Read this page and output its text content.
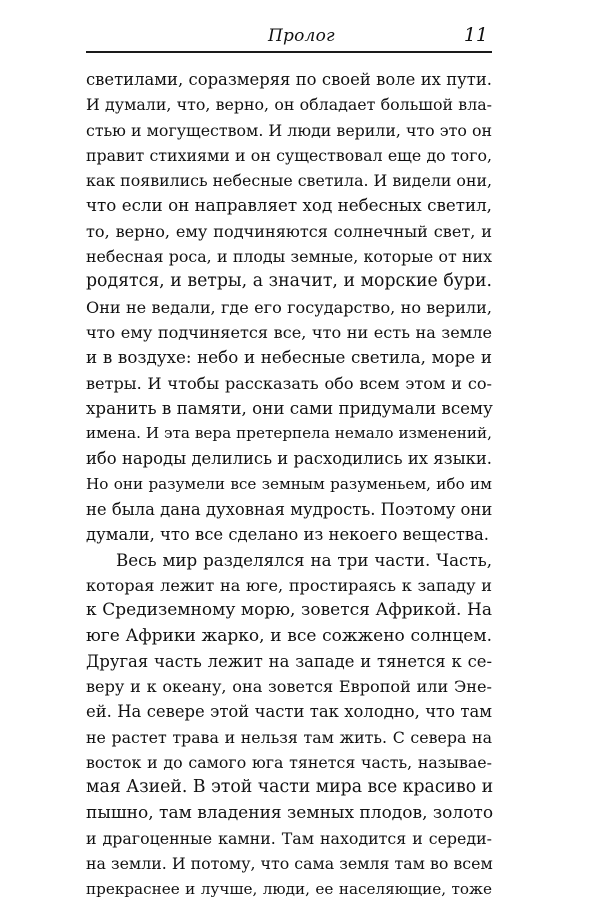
Пролог	11
светилами, соразмеряя по своей воле их пути.
И думали, что, верно, он обладает большой вла-
стью и могуществом. И люди верили, что это он
правит стихиями и он существовал еще до того,
как появились небесные светила. И видели они,
что если он направляет ход небесных светил,
то, верно, ему подчиняются солнечный свет, и
небесная роса, и плоды земные, которые от них
родятся, и ветры, а значит, и морские бури.
Они не ведали, где его государство, но верили,
что ему подчиняется все, что ни есть на земле
и в воздухе: небо и небесные светила, море и
ветры. И чтобы рассказать обо всем этом и со-
хранить в памяти, они сами придумали всему
имена. И эта вера претерпела немало изменений,
ибо народы делились и расходились их языки.
Но они разумели все земным разуменьем, ибо им
не была дана духовная мудрость. Поэтому они
думали, что все сделано из некоего вещества.
Весь мир разделялся на три части. Часть,
которая лежит на юге, простираясь к западу и
к Средиземному морю, зовется Африкой. На
юге Африки жарко, и все сожжено солнцем.
Другая часть лежит на западе и тянется к се-
веру и к океану, она зовется Европой или Эне-
ей. На севере этой части так холодно, что там
не растет трава и нельзя там жить. С севера на
восток и до самого юга тянется часть, называе-
мая Азией. В этой части мира все красиво и
пышно, там владения земных плодов, золото
и драгоценные камни. Там находится и середи-
на земли. И потому, что сама земля там во всем
прекраснее и лучше, люди, ее населяющие, тоже
